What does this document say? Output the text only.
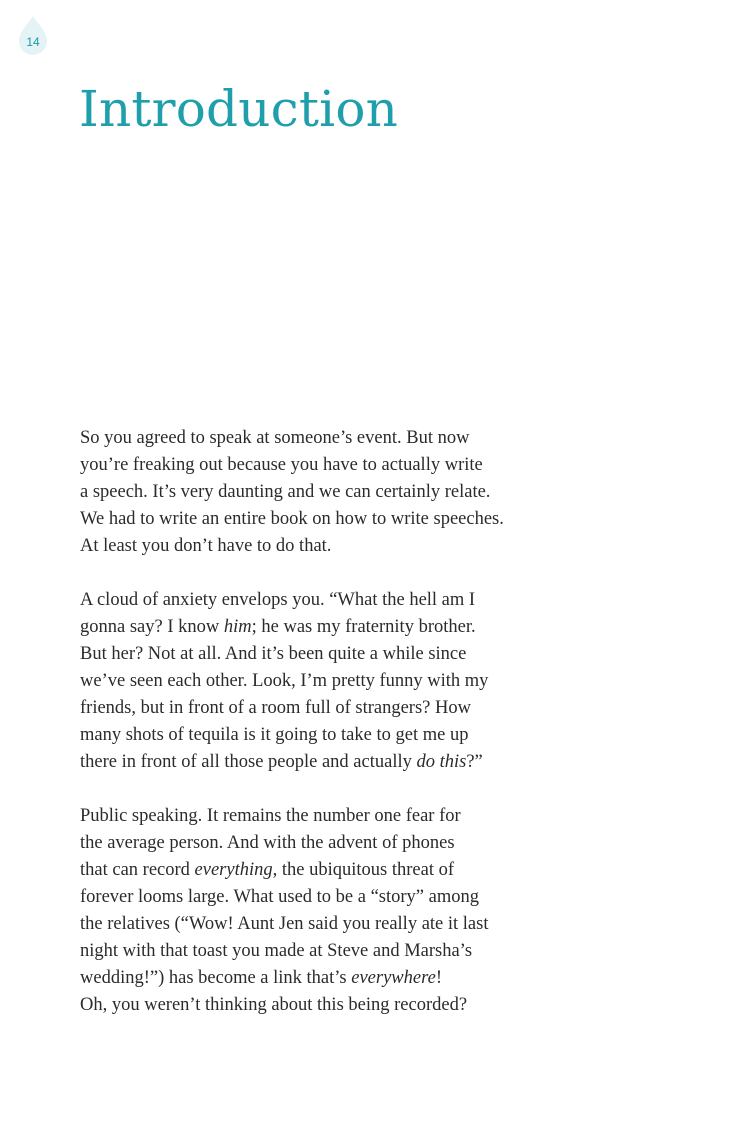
14
Introduction

So you agreed to speak at someone’s event. But now
you’re freaking out because you have to actually write
a speech. It’s very daunting and we can certainly relate.
We had to write an entire book on how to write speeches.
At least you don’t have to do that.

A cloud of anxiety envelops you. “What the hell am I
gonna say? I know him; he was my fraternity brother.
But her? Not at all. And it’s been quite a while since
we’ve seen each other. Look, I’m pretty funny with my
friends, but in front of a room full of strangers? How
many shots of tequila is it going to take to get me up
there in front of all those people and actually do this?”

Public speaking. It remains the number one fear for
the average person. And with the advent of phones
that can record everything, the ubiquitous threat of
forever looms large. What used to be a “story” among
the relatives (“Wow! Aunt Jen said you really ate it last
night with that toast you made at Steve and Marsha’s
wedding!”) has become a link that’s everywhere!
Oh, you weren’t thinking about this being recorded?
